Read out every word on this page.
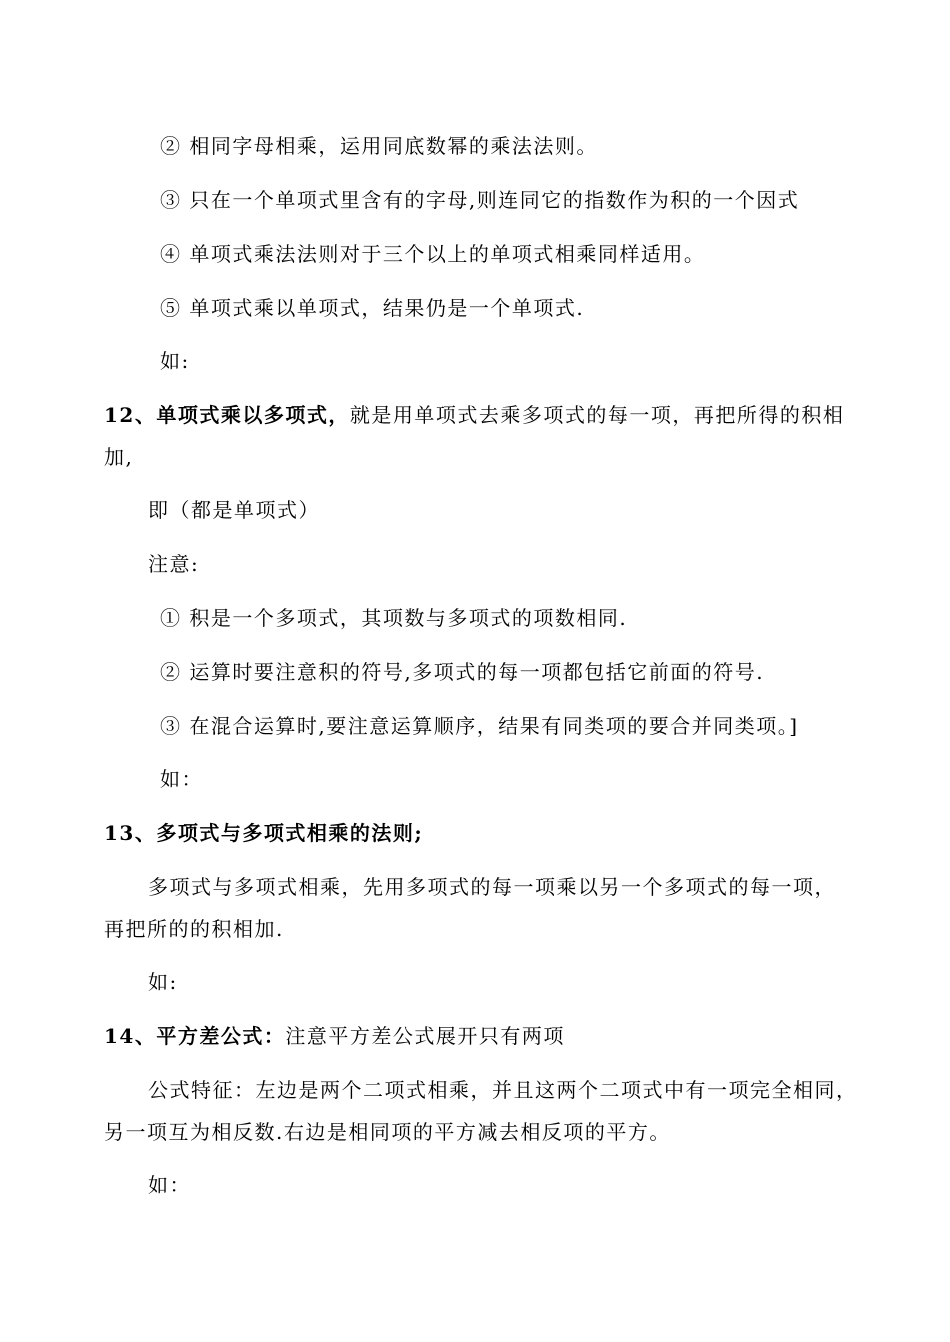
② 相同字母相乘，运用同底数幂的乘法法则。
③ 只在一个单项式里含有的字母,则连同它的指数作为积的一个因式
④ 单项式乘法法则对于三个以上的单项式相乘同样适用。
⑤ 单项式乘以单项式，结果仍是一个单项式.
如:
12、单项式乘以多项式，就是用单项式去乘多项式的每一项，再把所得的积相
加,
即（都是单项式）
注意:
① 积是一个多项式，其项数与多项式的项数相同.
② 运算时要注意积的符号,多项式的每一项都包括它前面的符号.
③ 在混合运算时,要注意运算顺序，结果有同类项的要合并同类项。]
如：
13、多项式与多项式相乘的法则;
多项式与多项式相乘，先用多项式的每一项乘以另一个多项式的每一项，
再把所的的积相加.
如:
14、平方差公式：注意平方差公式展开只有两项
公式特征：左边是两个二项式相乘，并且这两个二项式中有一项完全相同，
另一项互为相反数.右边是相同项的平方减去相反项的平方。
如：
